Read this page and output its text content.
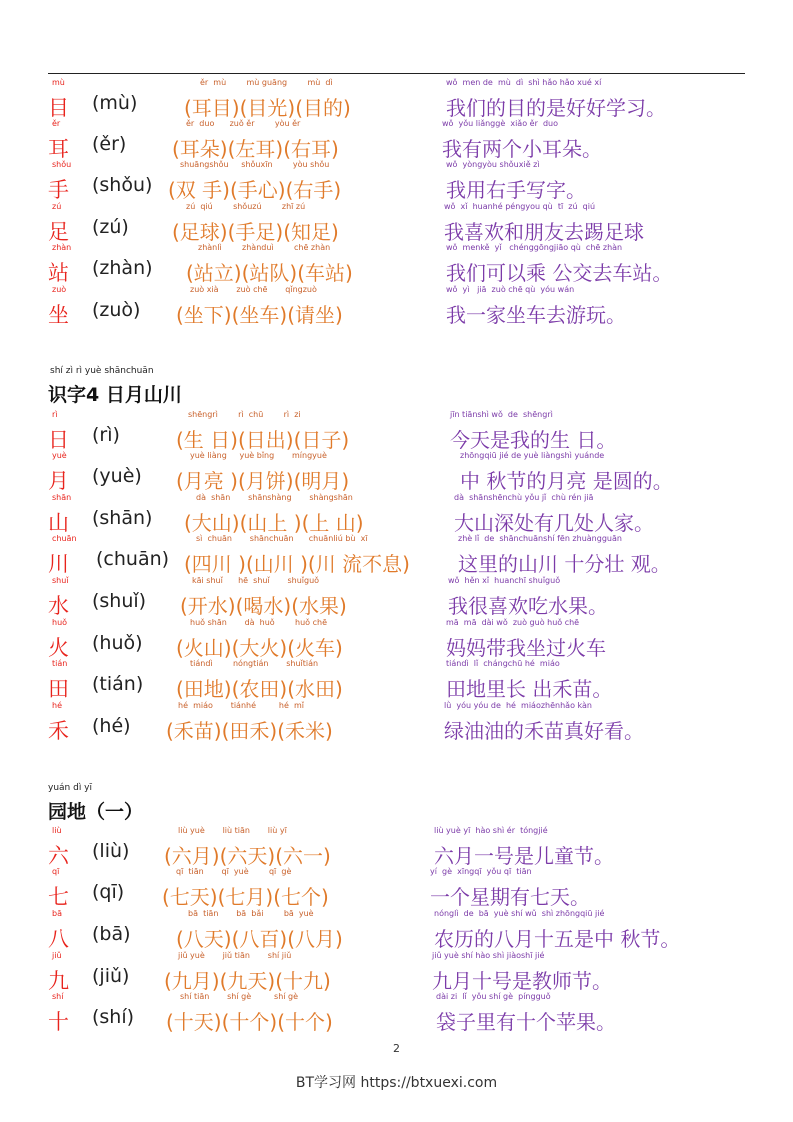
mù
目 (mù)
ěr  mù        mù guāng        mù  dì
(耳目)(目光)(目的)
wǒ  men de  mù  dì  shì hǎo hǎo xué xí
我们的目的是好好学习。
ěr
耳 (ěr)
ěr  duo      zuǒ ěr        yòu ěr
(耳朵)(左耳)(右耳)
wǒ  yǒu liǎnggè  xiǎo ěr  duo
我有两个小耳朵。
shǒu
手 (shǒu)
shuāngshǒu     shǒuxīn        yòu shǒu
(双 手)(手心)(右手)
wǒ  yòngyòu shǒuxiě zì
我用右手写字。
zú
足 (zú)
zú  qiú        shǒuzú        zhī zú
(足球)(手足)(知足)
wǒ  xǐ  huanhé péngyou qù  tī  zú  qiú
我喜欢和朋友去踢足球
zhàn
站 (zhàn)
zhànlì        zhànduì        chē zhàn
(站立)(站队)(车站)
wǒ  menkě  yǐ   chénggōngjiāo qù  chē zhàn
我们可以乘 公交去车站。
zuò
坐 (zuò)
zuò xià       zuò chē       qǐngzuò
(坐下)(坐车)(请坐)
wǒ  yì   jiā  zuò chē qù  yóu wán
我一家坐车去游玩。
shí zì rì yuè shānchuān
识字4 日月山川
rì
日 (rì)
shēngrì        rì  chū        rì  zi
(生 日)(日出)(日子)
jīn tiānshì wǒ  de  shēngrì
今天是我的生 日。
yuè
月 (yuè)
yuè liàng     yuè bǐng       míngyuè
(月亮 )(月饼)(明月)
zhōngqiū jié de yuè liàngshì yuánde
中 秋节的月亮 是圆的。
shān
山 (shān)
dà  shān       shānshàng       shàngshān
(大山)(山上 )(上 山)
dà  shānshēnchù yǒu jǐ  chù rén jiā
大山深处有几处人家。
chuān
川 (chuān)
sì  chuān       shānchuān      chuānliú bù  xī
(四川 )(山川 )(川 流不息)
zhè lǐ  de  shānchuānshí fēn zhuàngguān
这里的山川 十分壮 观。
shuǐ
水 (shuǐ)
kāi shuǐ      hē  shuǐ       shuǐguǒ
(开水)(喝水)(水果)
wǒ  hěn xǐ  huanchī shuǐguǒ
我很喜欢吃水果。
huǒ
火 (huǒ)
huǒ shān       dà  huǒ        huǒ chē
(火山)(大火)(火车)
mā  mā  dài wǒ  zuò guò huǒ chē
妈妈带我坐过火车
tián
田 (tián)
tiándì        nóngtián       shuǐtián
(田地)(农田)(水田)
tiándì  lǐ  chángchū hé  miáo
田地里长 出禾苗。
hé
禾 (hé)
hé  miáo       tiánhé         hé  mǐ
(禾苗)(田禾)(禾米)
lǜ  yóu yóu de  hé  miáozhēnhǎo kàn
绿油油的禾苗真好看。
yuán dì yī
园地（一）
liù
六 (liù)
liù yuè       liù tiān       liù yī
(六月)(六天)(六一)
liù yuè yī  hào shì ér  tóngjié
六月一号是儿童节。
qī
七 (qī)
qī  tiān       qī  yuè        qī  gè
(七天)(七月)(七个)
yí  gè  xīngqī  yǒu qī  tiān
一个星期有七天。
bā
八 (bā)
bā  tiān       bā  bǎi        bā  yuè
(八天)(八百)(八月)
nónglì  de  bā  yuè shí wǔ  shì zhōngqiū jié
农历的八月十五是中 秋节。
jiǔ
九 (jiǔ)
jiǔ yuè       jiǔ tiān       shí jiǔ
(九月)(九天)(十九)
jiǔ yuè shí hào shì jiàoshī jié
九月十号是教师节。
shí
十 (shí)
shí tiān       shí gè         shí gè
(十天)(十个)(十个)
dài zi  lǐ  yǒu shí gè  píngguǒ
袋子里有十个苹果。
2
BT学习网 https://btxuexi.com
